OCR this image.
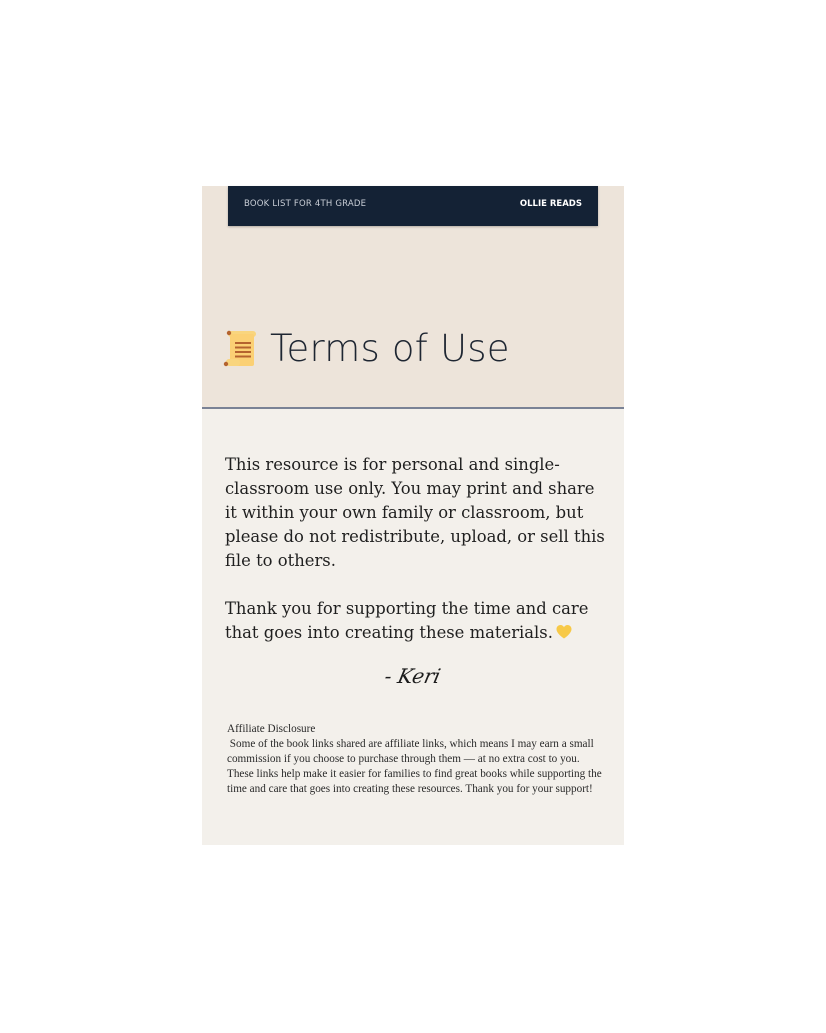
BOOK LIST FOR 4TH GRADE	OLLIE READS
Terms of Use
This resource is for personal and single-classroom use only. You may print and share it within your own family or classroom, but please do not redistribute, upload, or sell this file to others.
Thank you for supporting the time and care that goes into creating these materials.
- Keri
Affiliate Disclosure
Some of the book links shared are affiliate links, which means I may earn a small commission if you choose to purchase through them — at no extra cost to you. These links help make it easier for families to find great books while supporting the time and care that goes into creating these resources. Thank you for your support!
